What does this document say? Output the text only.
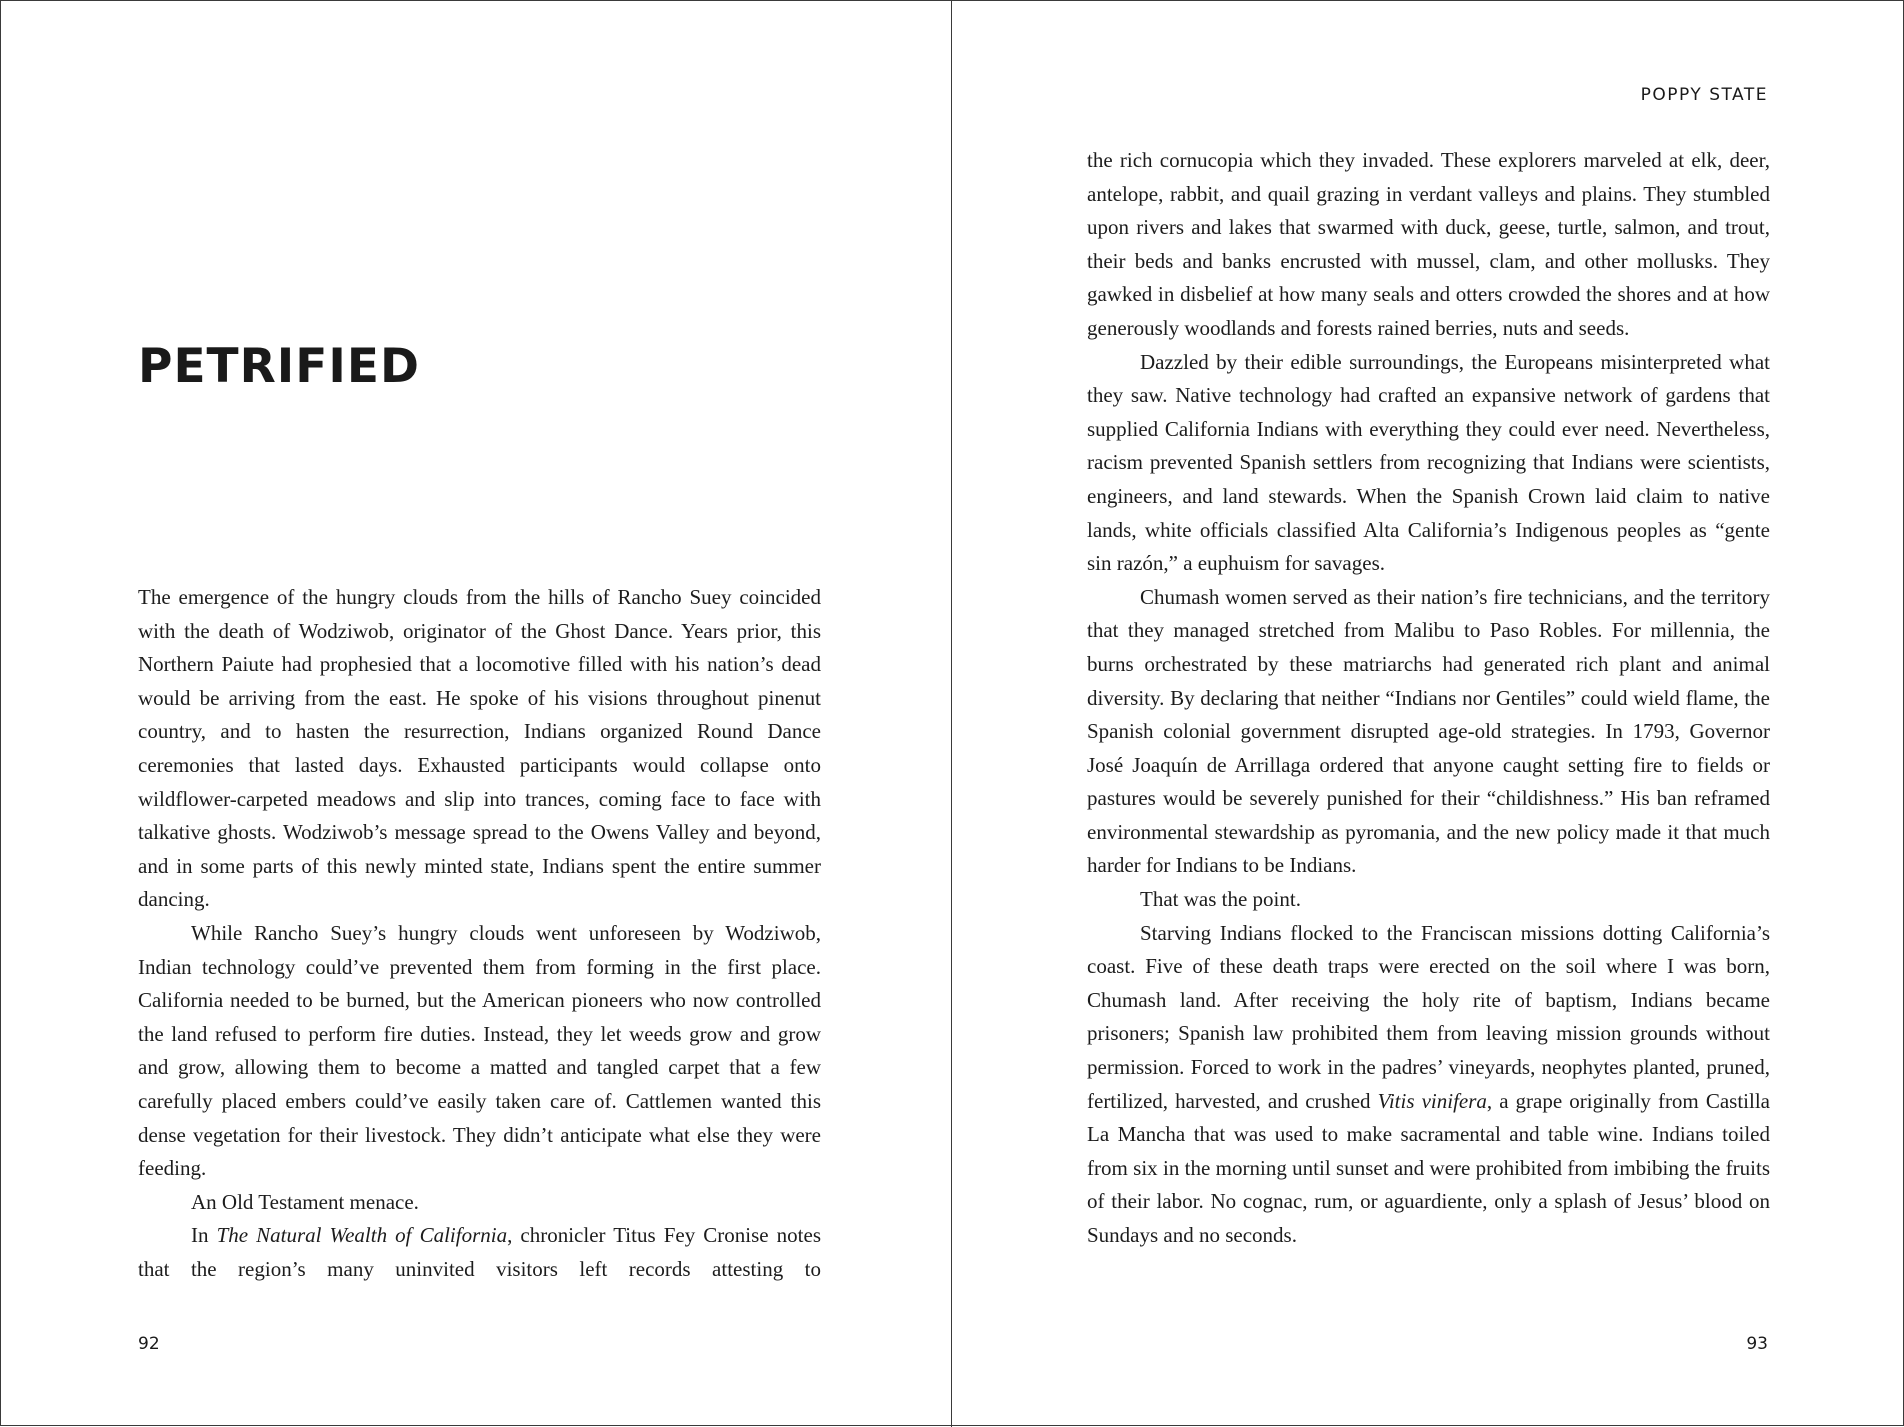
PETRIFIED

The emergence of the hungry clouds from the hills of Rancho Suey coincided with the death of Wodziwob, originator of the Ghost Dance. Years prior, this Northern Paiute had prophesied that a locomotive filled with his nation’s dead would be arriving from the east. He spoke of his visions throughout pinenut country, and to hasten the resurrection, Indians organized Round Dance ceremonies that lasted days. Exhausted participants would collapse onto wildflower-carpeted meadows and slip into trances, coming face to face with talkative ghosts. Wodziwob’s message spread to the Owens Valley and beyond, and in some parts of this newly minted state, Indians spent the entire summer dancing.

While Rancho Suey’s hungry clouds went unforeseen by Wodziwob, Indian technology could’ve prevented them from forming in the first place. California needed to be burned, but the American pioneers who now controlled the land refused to perform fire duties. Instead, they let weeds grow and grow and grow, allowing them to become a matted and tangled carpet that a few carefully placed embers could’ve easily taken care of. Cattlemen wanted this dense vegetation for their livestock. They didn’t anticipate what else they were feeding.

An Old Testament menace.

In The Natural Wealth of California, chronicler Titus Fey Cronise notes that the region’s many uninvited visitors left records attesting to

92
POPPY STATE

the rich cornucopia which they invaded. These explorers marveled at elk, deer, antelope, rabbit, and quail grazing in verdant valleys and plains. They stumbled upon rivers and lakes that swarmed with duck, geese, turtle, salmon, and trout, their beds and banks encrusted with mussel, clam, and other mollusks. They gawked in disbelief at how many seals and otters crowded the shores and at how generously woodlands and forests rained berries, nuts and seeds.

Dazzled by their edible surroundings, the Europeans misinterpreted what they saw. Native technology had crafted an expansive network of gardens that supplied California Indians with everything they could ever need. Nevertheless, racism prevented Spanish settlers from recognizing that Indians were scientists, engineers, and land stewards. When the Spanish Crown laid claim to native lands, white officials classified Alta California’s Indigenous peoples as “gente sin razón,” a euphuism for savages.

Chumash women served as their nation’s fire technicians, and the territory that they managed stretched from Malibu to Paso Robles. For millennia, the burns orchestrated by these matriarchs had generated rich plant and animal diversity. By declaring that neither “Indians nor Gentiles” could wield flame, the Spanish colonial government disrupted age-old strategies. In 1793, Governor José Joaquín de Arrillaga ordered that anyone caught setting fire to fields or pastures would be severely punished for their “childishness.” His ban reframed environmental stewardship as pyromania, and the new policy made it that much harder for Indians to be Indians.

That was the point.

Starving Indians flocked to the Franciscan missions dotting California’s coast. Five of these death traps were erected on the soil where I was born, Chumash land. After receiving the holy rite of baptism, Indians became prisoners; Spanish law prohibited them from leaving mission grounds without permission. Forced to work in the padres’ vineyards, neophytes planted, pruned, fertilized, harvested, and crushed Vitis vinifera, a grape originally from Castilla La Mancha that was used to make sacramental and table wine. Indians toiled from six in the morning until sunset and were prohibited from imbibing the fruits of their labor. No cognac, rum, or aguardiente, only a splash of Jesus’ blood on Sundays and no seconds.

93
